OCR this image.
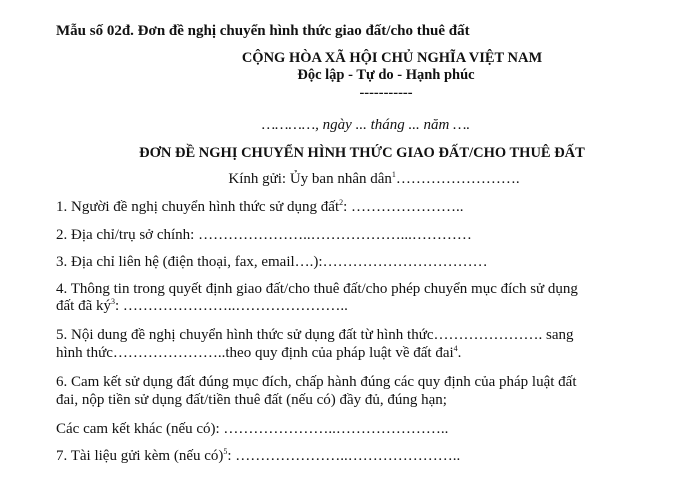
Mẫu số 02đ. Đơn đề nghị chuyển hình thức giao đất/cho thuê đất
CỘNG HÒA XÃ HỘI CHỦ NGHĨA VIỆT NAM
Độc lập - Tự do - Hạnh phúc
-----------
…………, ngày ... tháng ... năm ….
ĐƠN ĐỀ NGHỊ CHUYỂN HÌNH THỨC GIAO ĐẤT/CHO THUÊ ĐẤT
Kính gửi: Ủy ban nhân dân$^1$…………………….
1. Người đề nghị chuyển hình thức sử dụng đất$^2$: …………………..
2. Địa chỉ/trụ sở chính: …………………..………………...…………
3. Địa chỉ liên hệ (điện thoại, fax, email….):……………………………
4. Thông tin trong quyết định giao đất/cho thuê đất/cho phép chuyển mục đích sử dụng
đất đã $ký^3$: …………………..…………………..
5. Nội dung đề nghị chuyển hình thức sử dụng đất từ hình thức…………………. sang
hình thức…………………..theo quy định của pháp luật về đất đai$^4$.
6. Cam kết sử dụng đất đúng mục đích, chấp hành đúng các quy định của pháp luật đất
đai, nộp tiền sử dụng đất/tiền thuê đất (nếu có) đầy đủ, đúng hạn;
Các cam kết khác (nếu có): …………………..…………………..
7. Tài liệu gửi kèm (nếu có)$^5$: …………………..…………………..
